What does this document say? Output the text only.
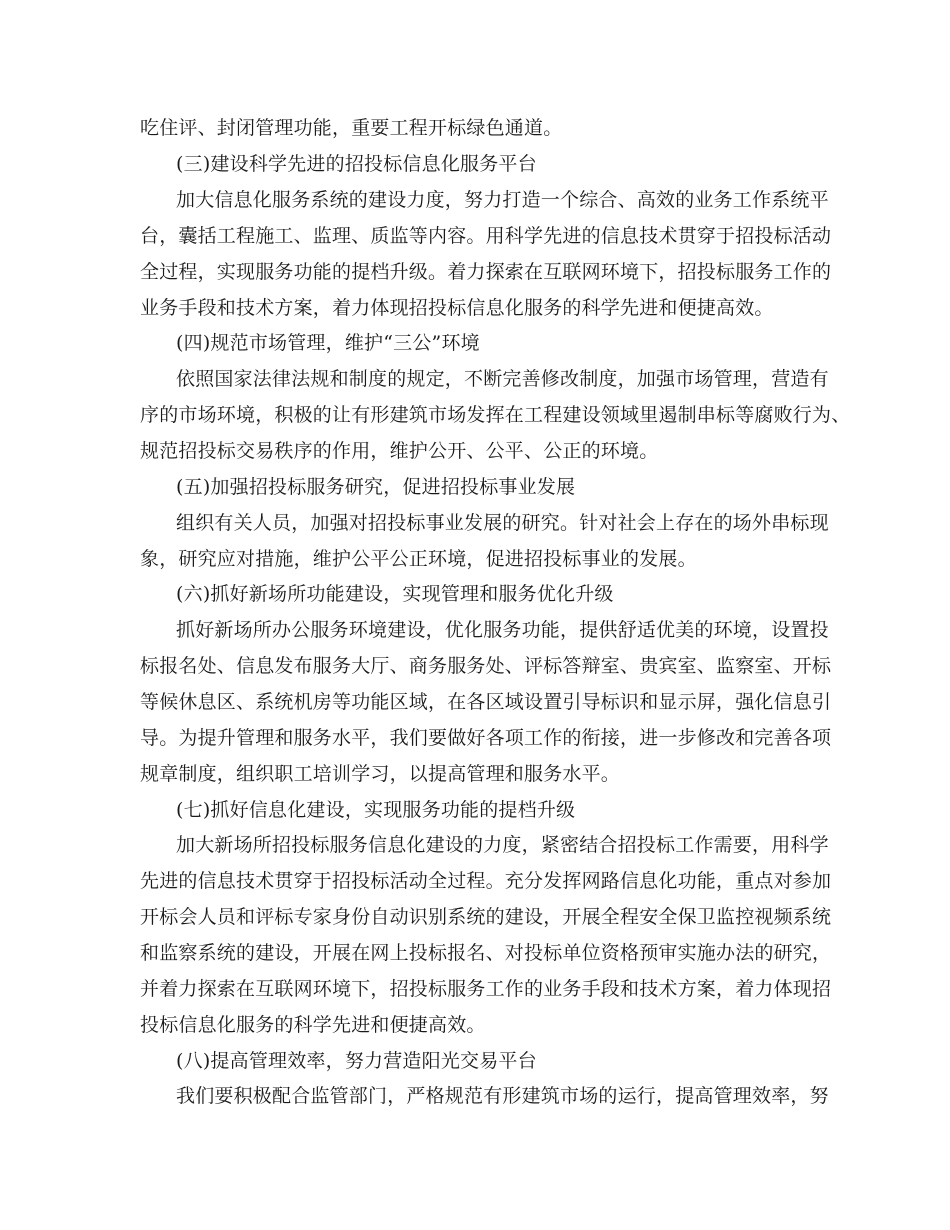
吃住评、封闭管理功能，重要工程开标绿色通道。
(三)建设科学先进的招投标信息化服务平台
加大信息化服务系统的建设力度，努力打造一个综合、高效的业务工作系统平
台，囊括工程施工、监理、质监等内容。用科学先进的信息技术贯穿于招投标活动
全过程，实现服务功能的提档升级。着力探索在互联网环境下，招投标服务工作的
业务手段和技术方案，着力体现招投标信息化服务的科学先进和便捷高效。
(四)规范市场管理，维护“三公”环境
依照国家法律法规和制度的规定，不断完善修改制度，加强市场管理，营造有
序的市场环境，积极的让有形建筑市场发挥在工程建设领域里遏制串标等腐败行为、
规范招投标交易秩序的作用，维护公开、公平、公正的环境。
(五)加强招投标服务研究，促进招投标事业发展
组织有关人员，加强对招投标事业发展的研究。针对社会上存在的场外串标现
象，研究应对措施，维护公平公正环境，促进招投标事业的发展。
(六)抓好新场所功能建设，实现管理和服务优化升级
抓好新场所办公服务环境建设，优化服务功能，提供舒适优美的环境，设置投
标报名处、信息发布服务大厅、商务服务处、评标答辩室、贵宾室、监察室、开标
等候休息区、系统机房等功能区域，在各区域设置引导标识和显示屏，强化信息引
导。为提升管理和服务水平，我们要做好各项工作的衔接，进一步修改和完善各项
规章制度，组织职工培训学习，以提高管理和服务水平。
(七)抓好信息化建设，实现服务功能的提档升级
加大新场所招投标服务信息化建设的力度，紧密结合招投标工作需要，用科学
先进的信息技术贯穿于招投标活动全过程。充分发挥网路信息化功能，重点对参加
开标会人员和评标专家身份自动识别系统的建设，开展全程安全保卫监控视频系统
和监察系统的建设，开展在网上投标报名、对投标单位资格预审实施办法的研究，
并着力探索在互联网环境下，招投标服务工作的业务手段和技术方案，着力体现招
投标信息化服务的科学先进和便捷高效。
(八)提高管理效率，努力营造阳光交易平台
我们要积极配合监管部门，严格规范有形建筑市场的运行，提高管理效率，努
